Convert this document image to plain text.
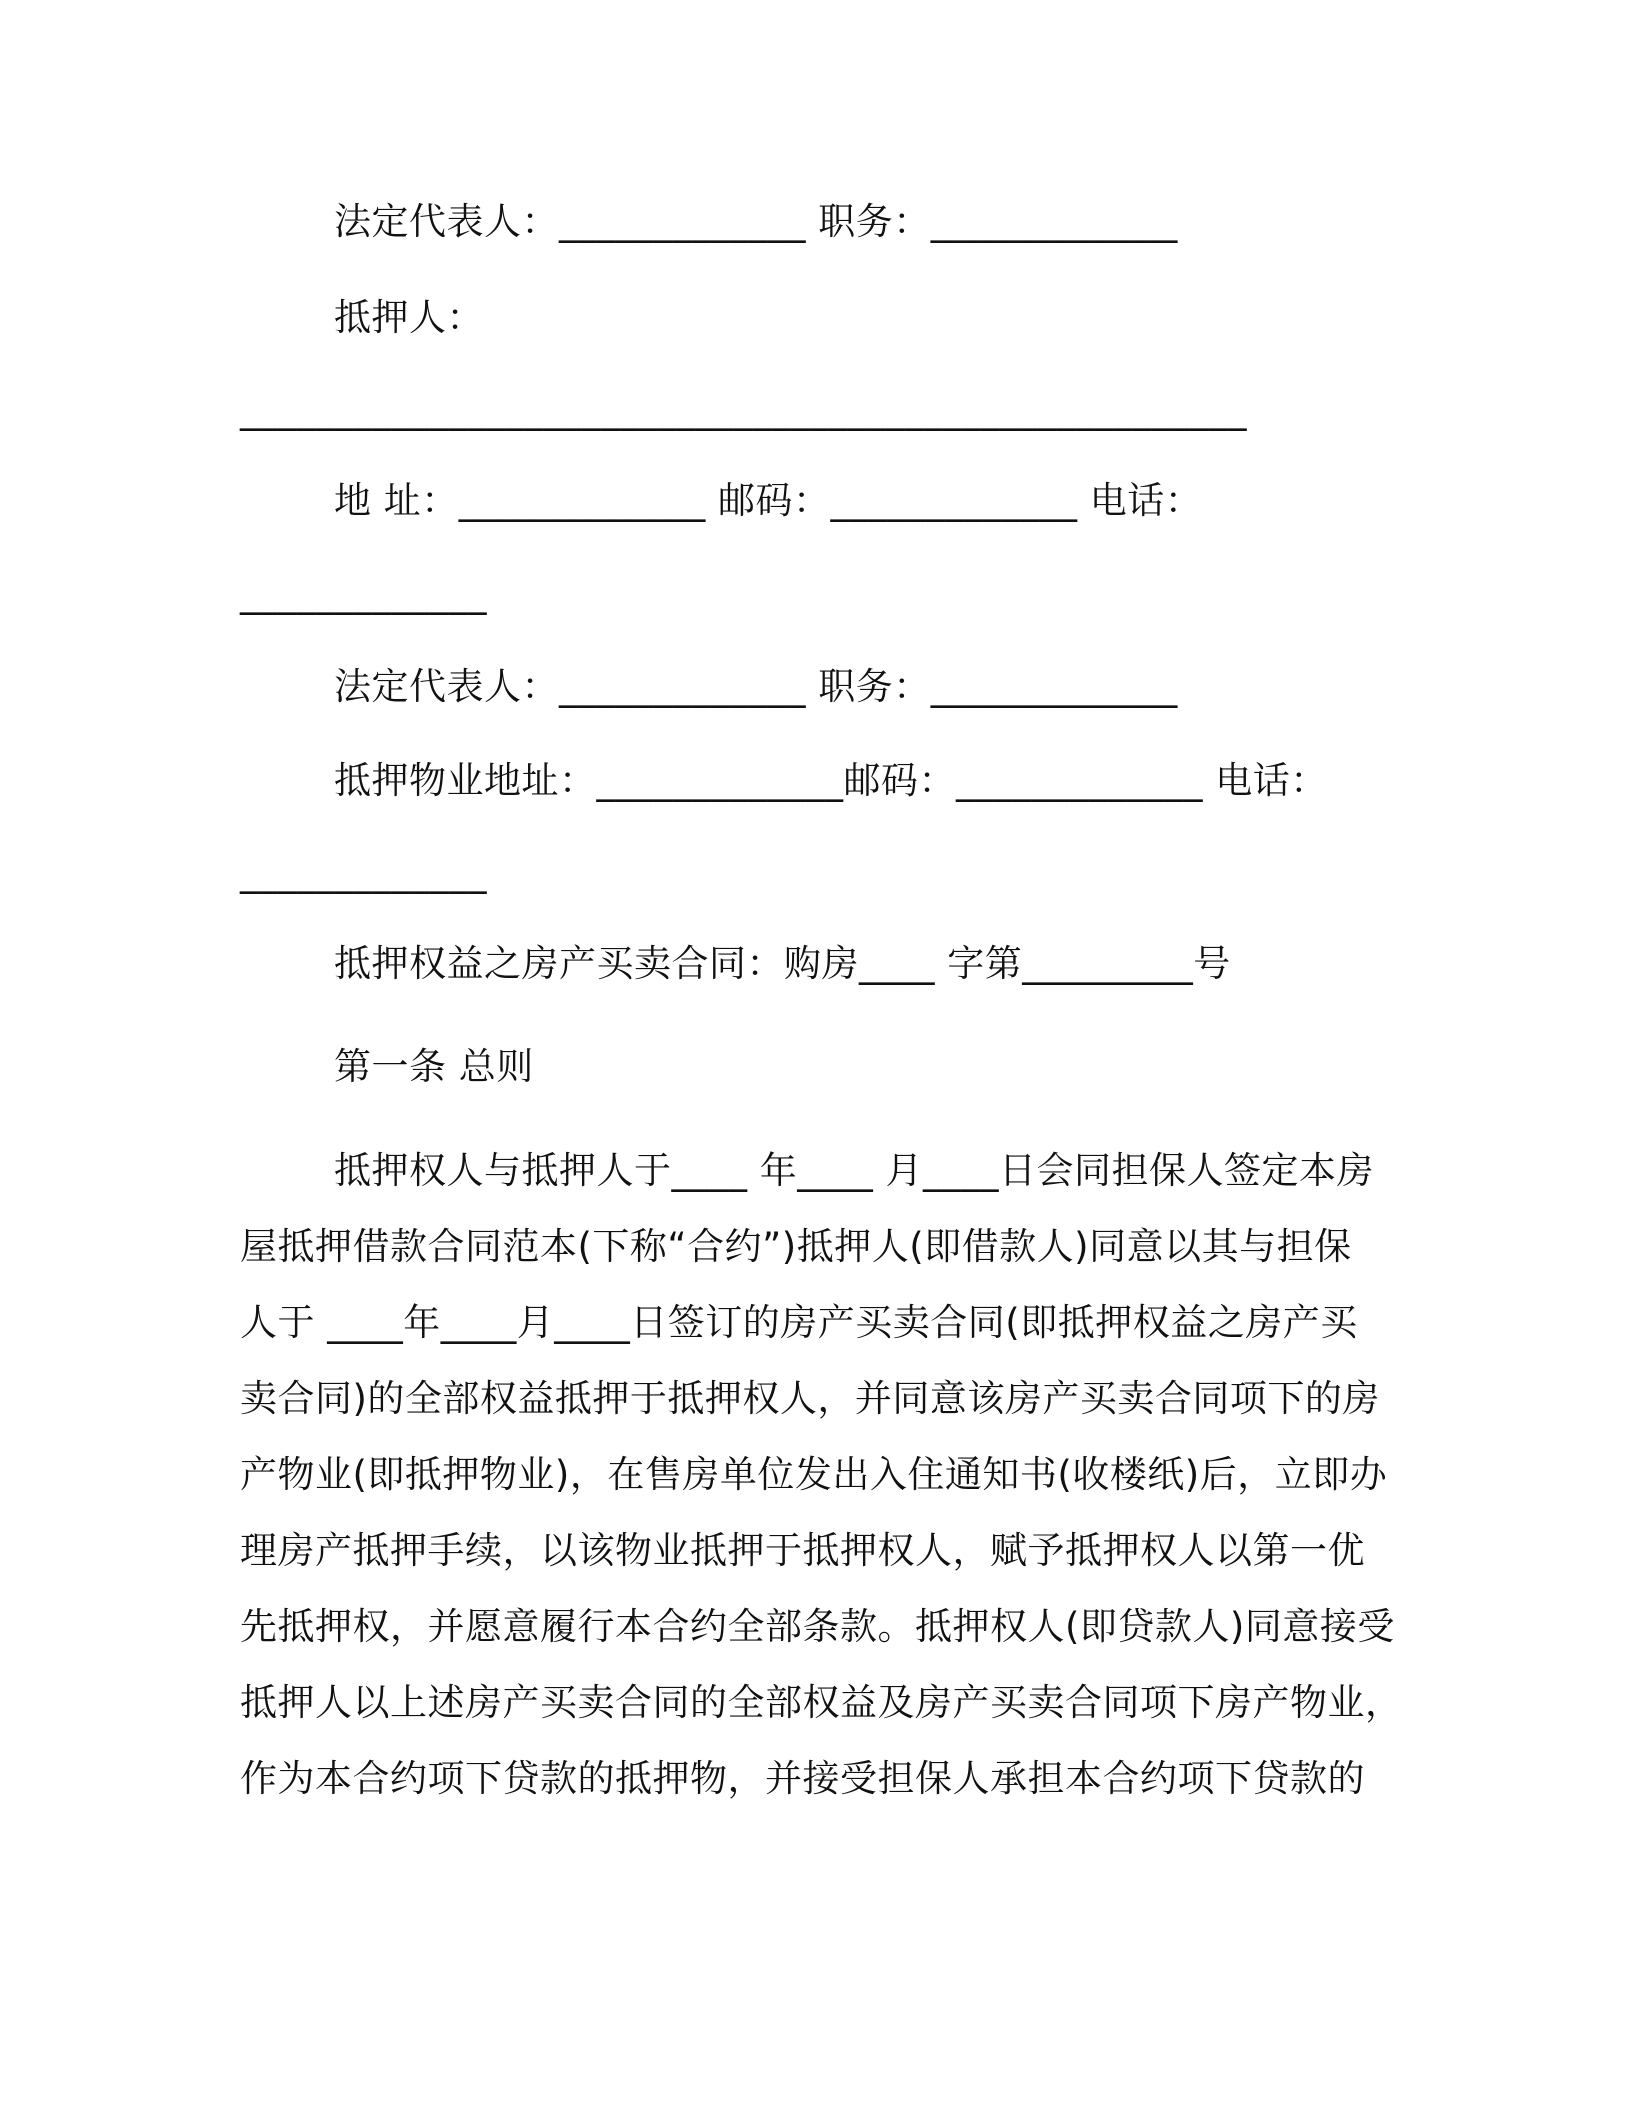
法定代表人：_____________ 职务：_____________
抵押人：
_____________________________________________________
地 址：_____________ 邮码：_____________ 电话：
_____________
法定代表人：_____________ 职务：_____________
抵押物业地址：_____________邮码：_____________ 电话：
_____________
抵押权益之房产买卖合同：购房____ 字第_________号
第一条 总则
抵押权人与抵押人于____ 年____ 月____日会同担保人签定本房
屋抵押借款合同范本(下称“合约”)抵押人(即借款人)同意以其与担保
人于 ____年____月____日签订的房产买卖合同(即抵押权益之房产买
卖合同)的全部权益抵押于抵押权人，并同意该房产买卖合同项下的房
产物业(即抵押物业)，在售房单位发出入住通知书(收楼纸)后，立即办
理房产抵押手续，以该物业抵押于抵押权人，赋予抵押权人以第一优
先抵押权，并愿意履行本合约全部条款。抵押权人(即贷款人)同意接受
抵押人以上述房产买卖合同的全部权益及房产买卖合同项下房产物业，
作为本合约项下贷款的抵押物，并接受担保人承担本合约项下贷款的
